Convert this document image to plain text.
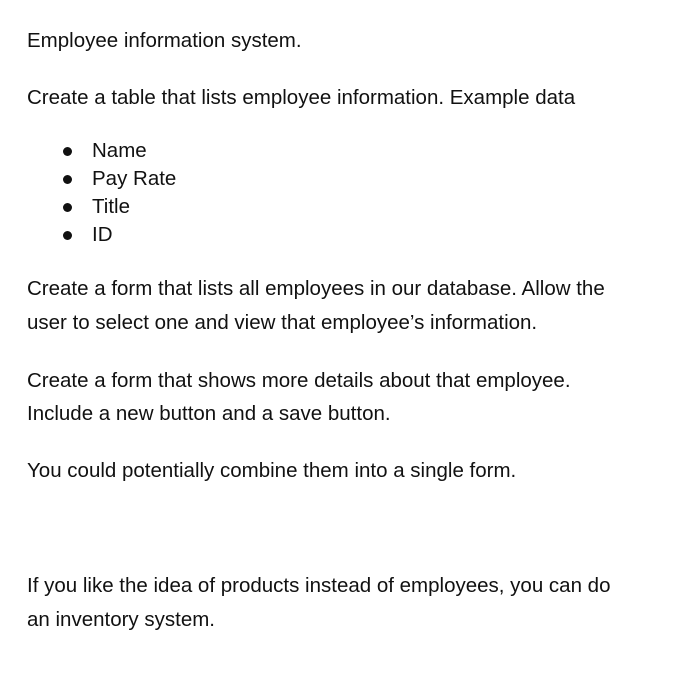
Employee information system.

Create a table that lists employee information. Example data

Name
Pay Rate
Title
ID

Create a form that lists all employees in our database. Allow the

user to select one and view that employee’s information.

Create a form that shows more details about that employee.

Include a new button and a save button.

You could potentially combine them into a single form.

If you like the idea of products instead of employees, you can do

an inventory system.
